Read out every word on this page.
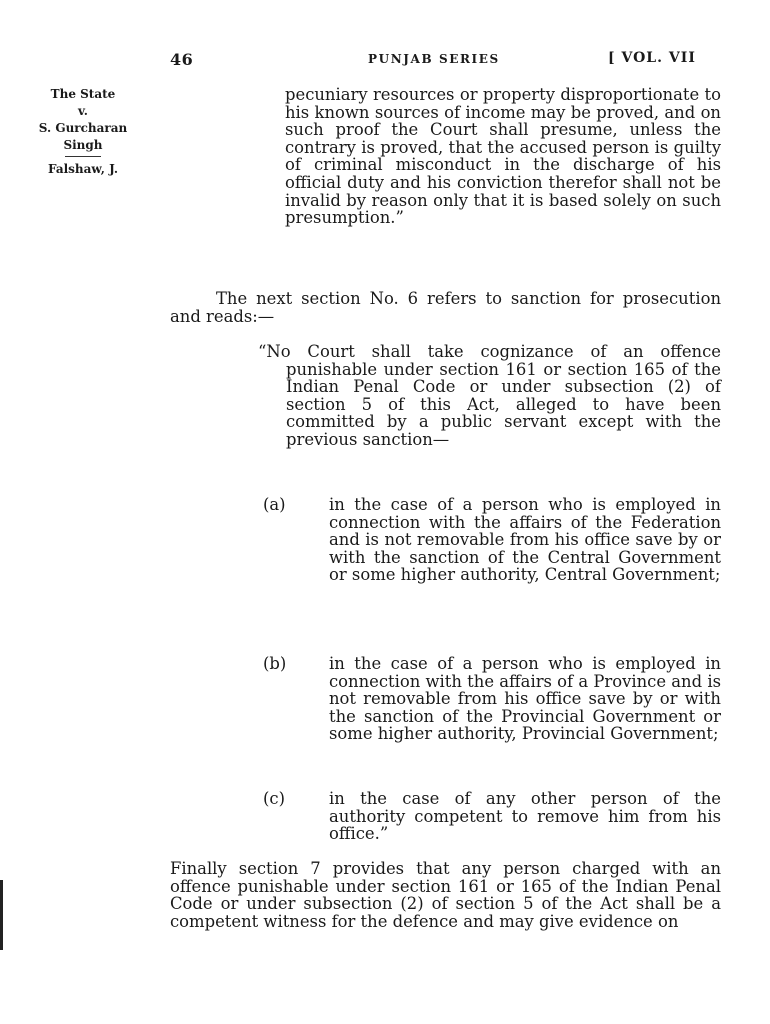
46	PUNJAB SERIES	[ VOL. VII
The State
v.
S. Gurcharan
Singh
Falshaw, J.

pecuniary resources or property disproportionate to his known sources of income may be proved, and on such proof the Court shall presume, unless the contrary is proved, that the accused person is guilty of criminal misconduct in the discharge of his official duty and his conviction therefor shall not be invalid by reason only that it is based solely on such presumption.”

The next section No. 6 refers to sanction for prosecution and reads:—

“No Court shall take cognizance of an offence punishable under section 161 or section 165 of the Indian Penal Code or under subsection (2) of section 5 of this Act, alleged to have been committed by a public servant except with the previous sanction—

(a)	in the case of a person who is employed in connection with the affairs of the Federation and is not removable from his office save by or with the sanction of the Central Government or some higher authority, Central Government;
(b)	in the case of a person who is employed in connection with the affairs of a Province and is not removable from his office save by or with the sanction of the Provincial Government or some higher authority, Provincial Government;
(c)	in the case of any other person of the authority competent to remove him from his office.”

Finally section 7 provides that any person charged with an offence punishable under section 161 or 165 of the Indian Penal Code or under subsection (2) of section 5 of the Act shall be a competent witness for the defence and may give evidence on
